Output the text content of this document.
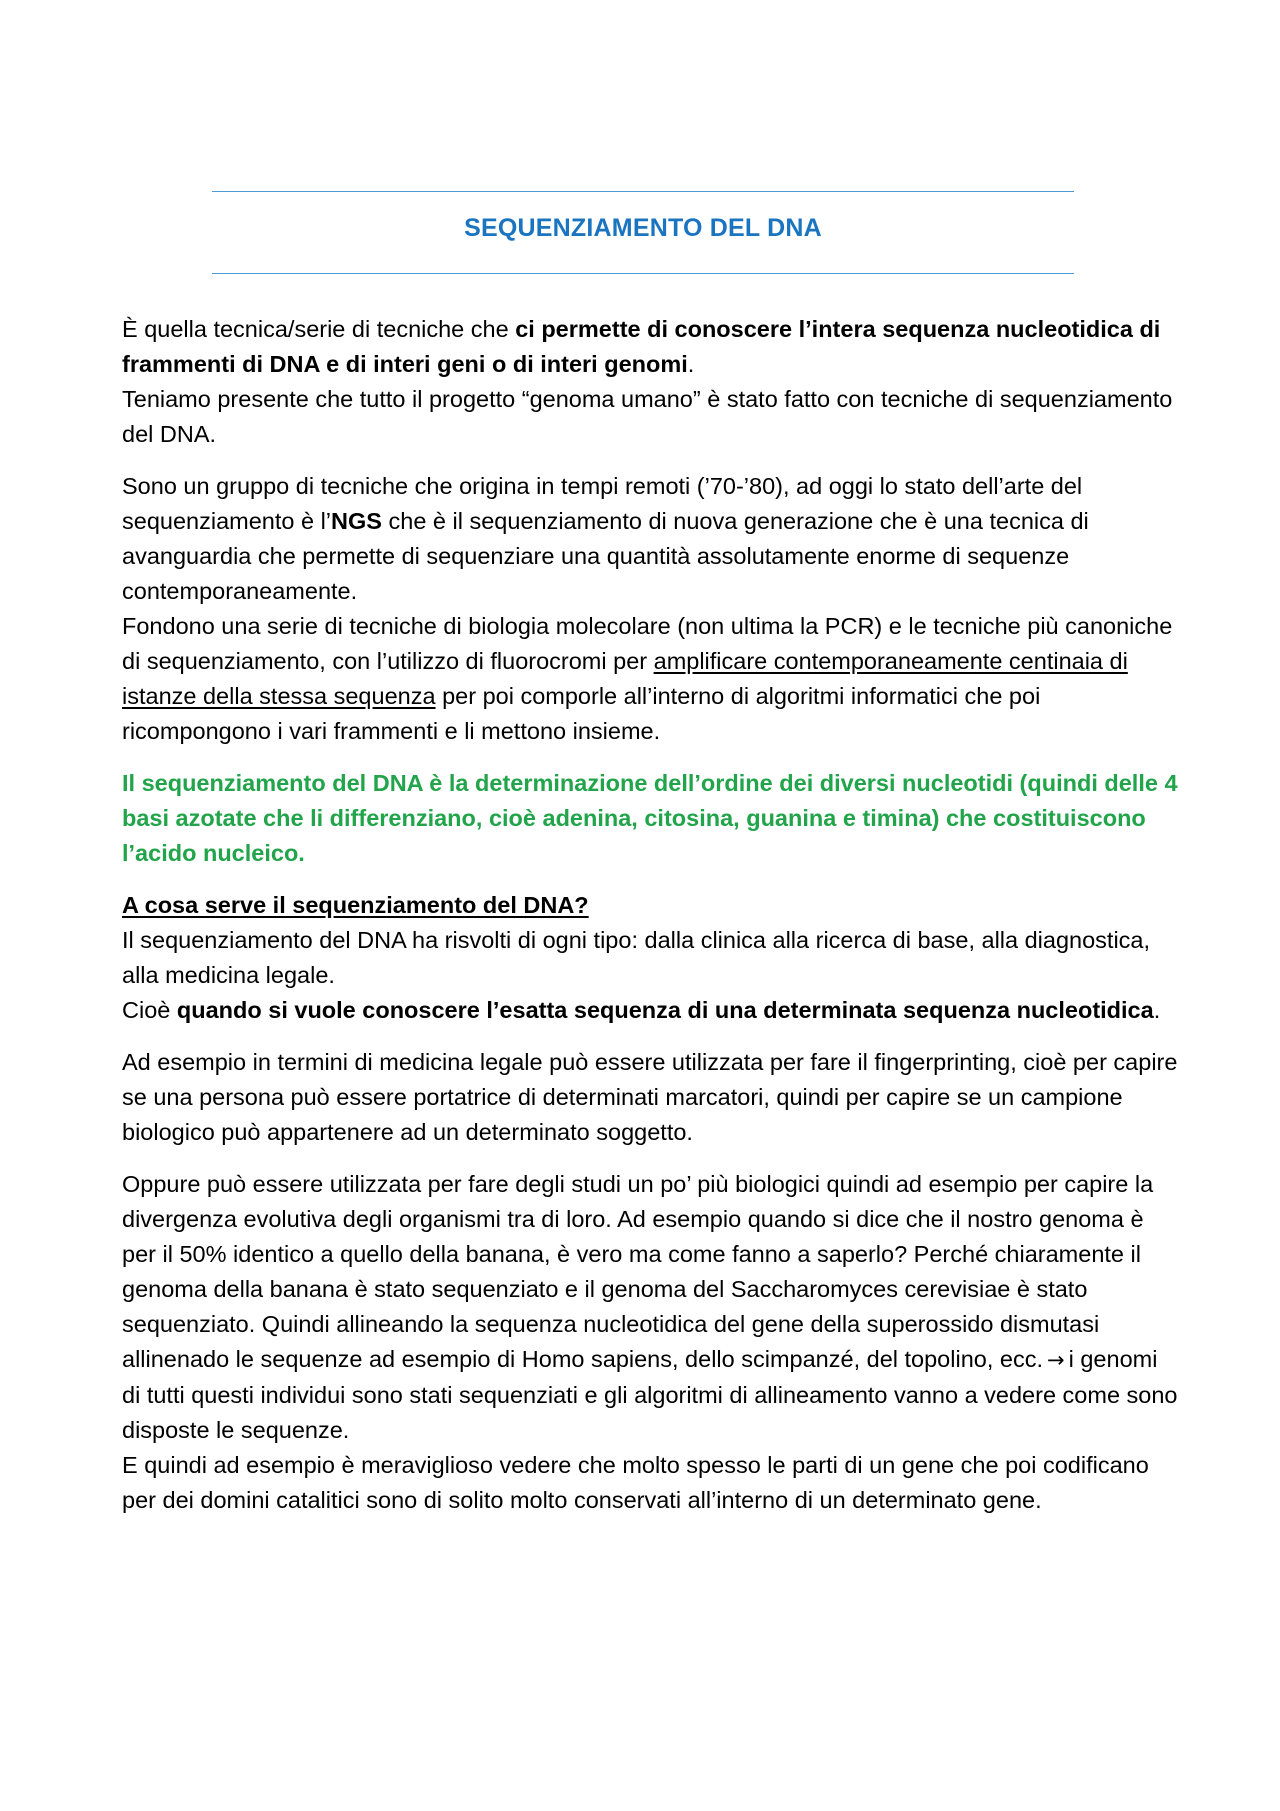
SEQUENZIAMENTO DEL DNA

È quella tecnica/serie di tecniche che ci permette di conoscere l’intera sequenza nucleotidica di frammenti di DNA e di interi geni o di interi genomi.
Teniamo presente che tutto il progetto “genoma umano” è stato fatto con tecniche di sequenziamento del DNA.

Sono un gruppo di tecniche che origina in tempi remoti (’70-’80), ad oggi lo stato dell’arte del sequenziamento è l’NGS che è il sequenziamento di nuova generazione che è una tecnica di avanguardia che permette di sequenziare una quantità assolutamente enorme di sequenze contemporaneamente.
Fondono una serie di tecniche di biologia molecolare (non ultima la PCR) e le tecniche più canoniche di sequenziamento, con l’utilizzo di fluorocromi per amplificare contemporaneamente centinaia di istanze della stessa sequenza per poi comporle all’interno di algoritmi informatici che poi ricompongono i vari frammenti e li mettono insieme.

Il sequenziamento del DNA è la determinazione dell’ordine dei diversi nucleotidi (quindi delle 4 basi azotate che li differenziano, cioè adenina, citosina, guanina e timina) che costituiscono l’acido nucleico.

A cosa serve il sequenziamento del DNA?
Il sequenziamento del DNA ha risvolti di ogni tipo: dalla clinica alla ricerca di base, alla diagnostica, alla medicina legale.
Cioè quando si vuole conoscere l’esatta sequenza di una determinata sequenza nucleotidica.

Ad esempio in termini di medicina legale può essere utilizzata per fare il fingerprinting, cioè per capire se una persona può essere portatrice di determinati marcatori, quindi per capire se un campione biologico può appartenere ad un determinato soggetto.

Oppure può essere utilizzata per fare degli studi un po’ più biologici quindi ad esempio per capire la divergenza evolutiva degli organismi tra di loro. Ad esempio quando si dice che il nostro genoma è per il 50% identico a quello della banana, è vero ma come fanno a saperlo? Perché chiaramente il genoma della banana è stato sequenziato e il genoma del Saccharomyces cerevisiae è stato sequenziato. Quindi allineando la sequenza nucleotidica del gene della superossido dismutasi allinenado le sequenze ad esempio di Homo sapiens, dello scimpanzé, del topolino, ecc. → i genomi di tutti questi individui sono stati sequenziati e gli algoritmi di allineamento vanno a vedere come sono disposte le sequenze.
E quindi ad esempio è meraviglioso vedere che molto spesso le parti di un gene che poi codificano per dei domini catalitici sono di solito molto conservati all’interno di un determinato gene.
